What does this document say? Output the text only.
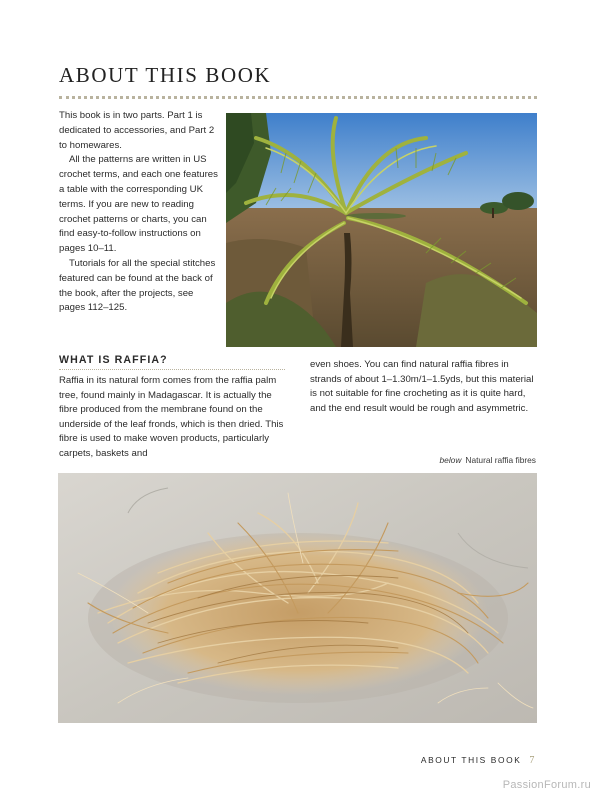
ABOUT THIS BOOK

This book is in two parts. Part 1 is dedicated to accessories, and Part 2 to homewares.

All the patterns are written in US crochet terms, and each one features a table with the corresponding UK terms. If you are new to reading crochet patterns or charts, you can find easy-to-follow instructions on pages 10–11.

Tutorials for all the special stitches featured can be found at the back of the book, after the projects, see pages 112–125.

WHAT IS RAFFIA?

Raffia in its natural form comes from the raffia palm tree, found mainly in Madagascar. It is actually the fibre produced from the membrane found on the underside of the leaf fronds, which is then dried. This fibre is used to make woven products, particularly carpets, baskets and

even shoes. You can find natural raffia fibres in strands of about 1–1.30m/1–1.5yds, but this material is not suitable for fine crocheting as it is quite hard, and the end result would be rough and asymmetric.

below Natural raffia fibres
ABOUT THIS BOOK 7
PassionForum.ru
